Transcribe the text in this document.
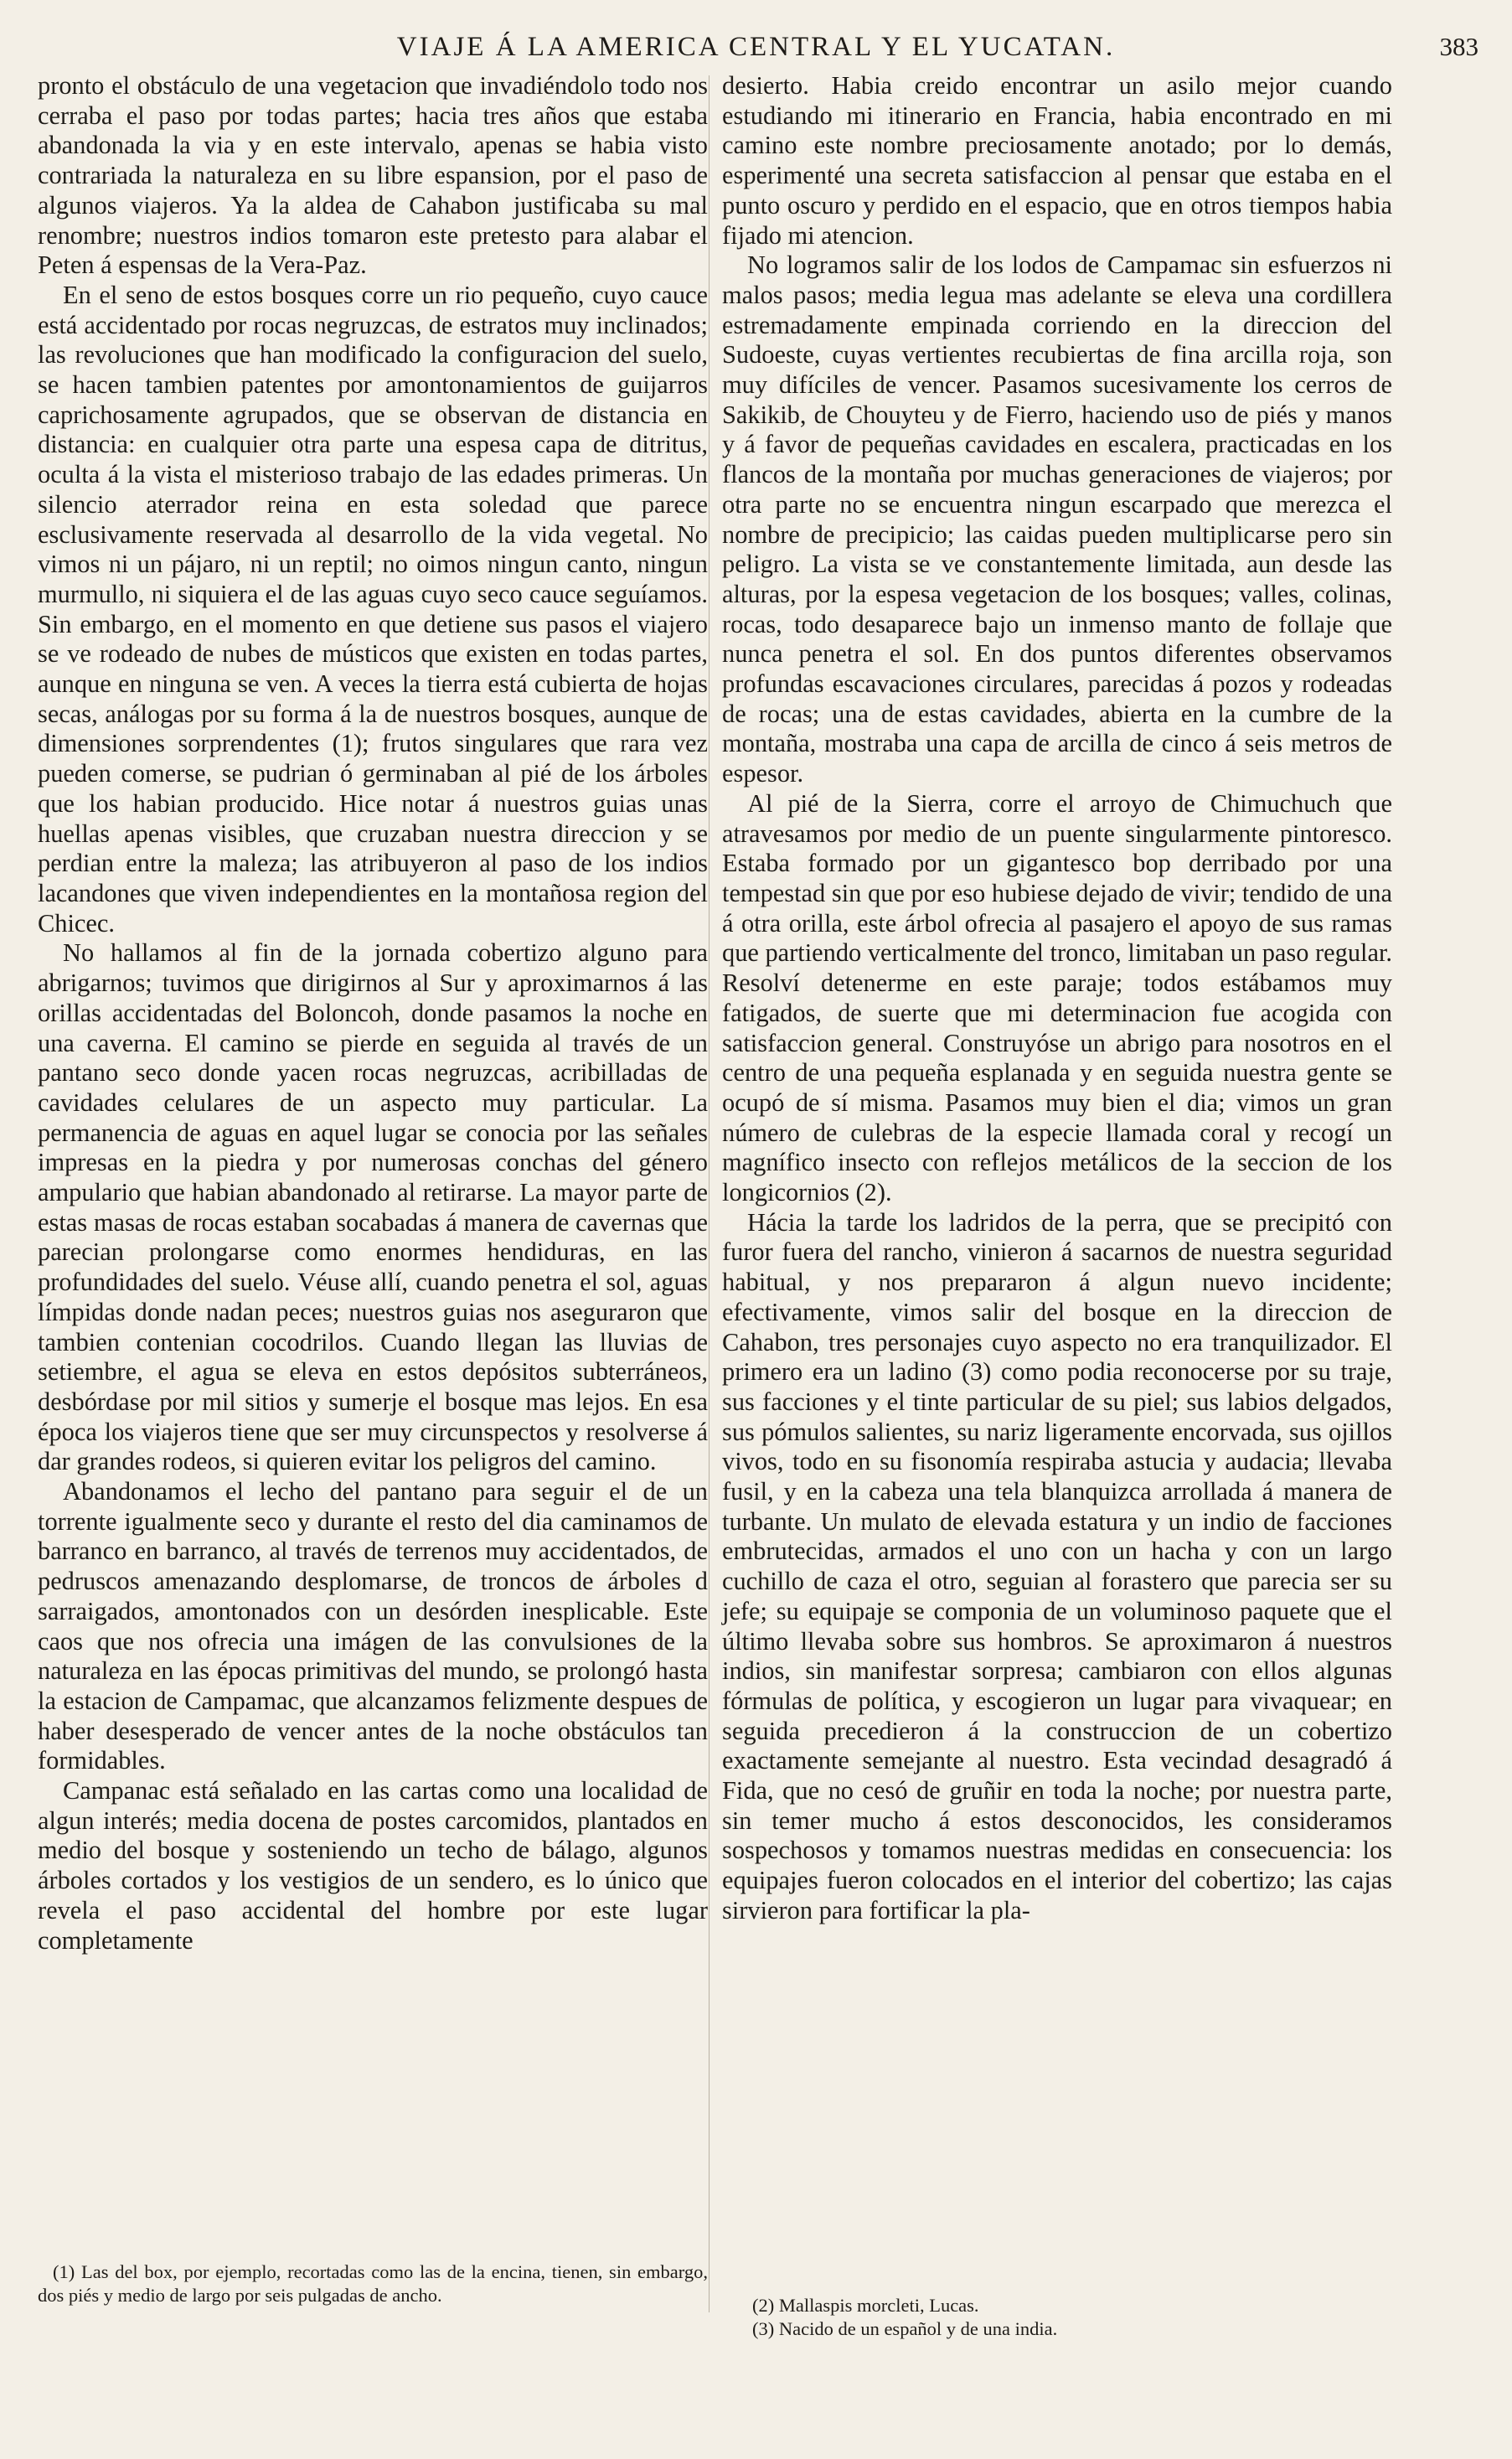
VIAJE Á LA AMERICA CENTRAL Y EL YUCATAN.	383

pronto el obstáculo de una vegetacion que invadiéndolo todo nos cerraba el paso por todas partes; hacia tres años que estaba abandonada la via y en este intervalo, apenas se habia visto contrariada la naturaleza en su libre espansion, por el paso de algunos viajeros. Ya la aldea de Cahabon justificaba su mal renombre; nuestros indios tomaron este pretesto para alabar el Peten á espensas de la Vera-Paz.

En el seno de estos bosques corre un rio pequeño, cuyo cauce está accidentado por rocas negruzcas, de estratos muy inclinados; las revoluciones que han modificado la configuracion del suelo, se hacen tambien patentes por amontonamientos de guijarros caprichosamente agrupados, que se observan de distancia en distancia: en cualquier otra parte una espesa capa de ditritus, oculta á la vista el misterioso trabajo de las edades primeras. Un silencio aterrador reina en esta soledad que parece esclusivamente reservada al desarrollo de la vida vegetal. No vimos ni un pájaro, ni un reptil; no oimos ningun canto, ningun murmullo, ni siquiera el de las aguas cuyo seco cauce seguíamos. Sin embargo, en el momento en que detiene sus pasos el viajero se ve rodeado de nubes de músticos que existen en todas partes, aunque en ninguna se ven. A veces la tierra está cubierta de hojas secas, análogas por su forma á la de nuestros bosques, aunque de dimensiones sorprendentes (1); frutos singulares que rara vez pueden comerse, se pudrian ó germinaban al pié de los árboles que los habian producido. Hice notar á nuestros guias unas huellas apenas visibles, que cruzaban nuestra direccion y se perdian entre la maleza; las atribuyeron al paso de los indios lacandones que viven independientes en la montañosa region del Chicec.

No hallamos al fin de la jornada cobertizo alguno para abrigarnos; tuvimos que dirigirnos al Sur y aproximarnos á las orillas accidentadas del Boloncoh, donde pasamos la noche en una caverna. El camino se pierde en seguida al través de un pantano seco donde yacen rocas negruzcas, acribilladas de cavidades celulares de un aspecto muy particular. La permanencia de aguas en aquel lugar se conocia por las señales impresas en la piedra y por numerosas conchas del género ampulario que habian abandonado al retirarse. La mayor parte de estas masas de rocas estaban socabadas á manera de cavernas que parecian prolongarse como enormes hendiduras, en las profundidades del suelo. Véuse allí, cuando penetra el sol, aguas límpidas donde nadan peces; nuestros guias nos aseguraron que tambien contenian cocodrilos. Cuando llegan las lluvias de setiembre, el agua se eleva en estos depósitos subterráneos, desbórdase por mil sitios y sumerje el bosque mas lejos. En esa época los viajeros tiene que ser muy circunspectos y resolverse á dar grandes rodeos, si quieren evitar los peligros del camino.

Abandonamos el lecho del pantano para seguir el de un torrente igualmente seco y durante el resto del dia caminamos de barranco en barranco, al través de terrenos muy accidentados, de pedruscos amenazando desplomarse, de troncos de árboles d sarraigados, amontonados con un desórden inesplicable. Este caos que nos ofrecia una imágen de las convulsiones de la naturaleza en las épocas primitivas del mundo, se prolongó hasta la estacion de Campamac, que alcanzamos felizmente despues de haber desesperado de vencer antes de la noche obstáculos tan formidables.

Campanac está señalado en las cartas como una localidad de algun interés; media docena de postes carcomidos, plantados en medio del bosque y sosteniendo un techo de bálago, algunos árboles cortados y los vestigios de un sendero, es lo único que revela el paso accidental del hombre por este lugar completamente

desierto. Habia creido encontrar un asilo mejor cuando estudiando mi itinerario en Francia, habia encontrado en mi camino este nombre preciosamente anotado; por lo demás, esperimenté una secreta satisfaccion al pensar que estaba en el punto oscuro y perdido en el espacio, que en otros tiempos habia fijado mi atencion.

No logramos salir de los lodos de Campamac sin esfuerzos ni malos pasos; media legua mas adelante se eleva una cordillera estremadamente empinada corriendo en la direccion del Sudoeste, cuyas vertientes recubiertas de fina arcilla roja, son muy difíciles de vencer. Pasamos sucesivamente los cerros de Sakikib, de Chouyteu y de Fierro, haciendo uso de piés y manos y á favor de pequeñas cavidades en escalera, practicadas en los flancos de la montaña por muchas generaciones de viajeros; por otra parte no se encuentra ningun escarpado que merezca el nombre de precipicio; las caidas pueden multiplicarse pero sin peligro. La vista se ve constantemente limitada, aun desde las alturas, por la espesa vegetacion de los bosques; valles, colinas, rocas, todo desaparece bajo un inmenso manto de follaje que nunca penetra el sol. En dos puntos diferentes observamos profundas escavaciones circulares, parecidas á pozos y rodeadas de rocas; una de estas cavidades, abierta en la cumbre de la montaña, mostraba una capa de arcilla de cinco á seis metros de espesor.

Al pié de la Sierra, corre el arroyo de Chimuchuch que atravesamos por medio de un puente singularmente pintoresco. Estaba formado por un gigantesco bop derribado por una tempestad sin que por eso hubiese dejado de vivir; tendido de una á otra orilla, este árbol ofrecia al pasajero el apoyo de sus ramas que partiendo verticalmente del tronco, limitaban un paso regular. Resolví detenerme en este paraje; todos estábamos muy fatigados, de suerte que mi determinacion fue acogida con satisfaccion general. Construyóse un abrigo para nosotros en el centro de una pequeña esplanada y en seguida nuestra gente se ocupó de sí misma. Pasamos muy bien el dia; vimos un gran número de culebras de la especie llamada coral y recogí un magnífico insecto con reflejos metálicos de la seccion de los longicornios (2).

Hácia la tarde los ladridos de la perra, que se precipitó con furor fuera del rancho, vinieron á sacarnos de nuestra seguridad habitual, y nos prepararon á algun nuevo incidente; efectivamente, vimos salir del bosque en la direccion de Cahabon, tres personajes cuyo aspecto no era tranquilizador. El primero era un ladino (3) como podia reconocerse por su traje, sus facciones y el tinte particular de su piel; sus labios delgados, sus pómulos salientes, su nariz ligeramente encorvada, sus ojillos vivos, todo en su fisonomía respiraba astucia y audacia; llevaba fusil, y en la cabeza una tela blanquizca arrollada á manera de turbante. Un mulato de elevada estatura y un indio de facciones embrutecidas, armados el uno con un hacha y con un largo cuchillo de caza el otro, seguian al forastero que parecia ser su jefe; su equipaje se componia de un voluminoso paquete que el último llevaba sobre sus hombros. Se aproximaron á nuestros indios, sin manifestar sorpresa; cambiaron con ellos algunas fórmulas de política, y escogieron un lugar para vivaquear; en seguida precedieron á la construccion de un cobertizo exactamente semejante al nuestro. Esta vecindad desagradó á Fida, que no cesó de gruñir en toda la noche; por nuestra parte, sin temer mucho á estos desconocidos, les consideramos sospechosos y tomamos nuestras medidas en consecuencia: los equipajes fueron colocados en el interior del cobertizo; las cajas sirvieron para fortificar la pla-

(1) Las del box, por ejemplo, recortadas como las de la encina, tienen, sin embargo, dos piés y medio de largo por seis pulgadas de ancho.	(2) Mallaspis morcleti, Lucas.

(3) Nacido de un español y de una india.
